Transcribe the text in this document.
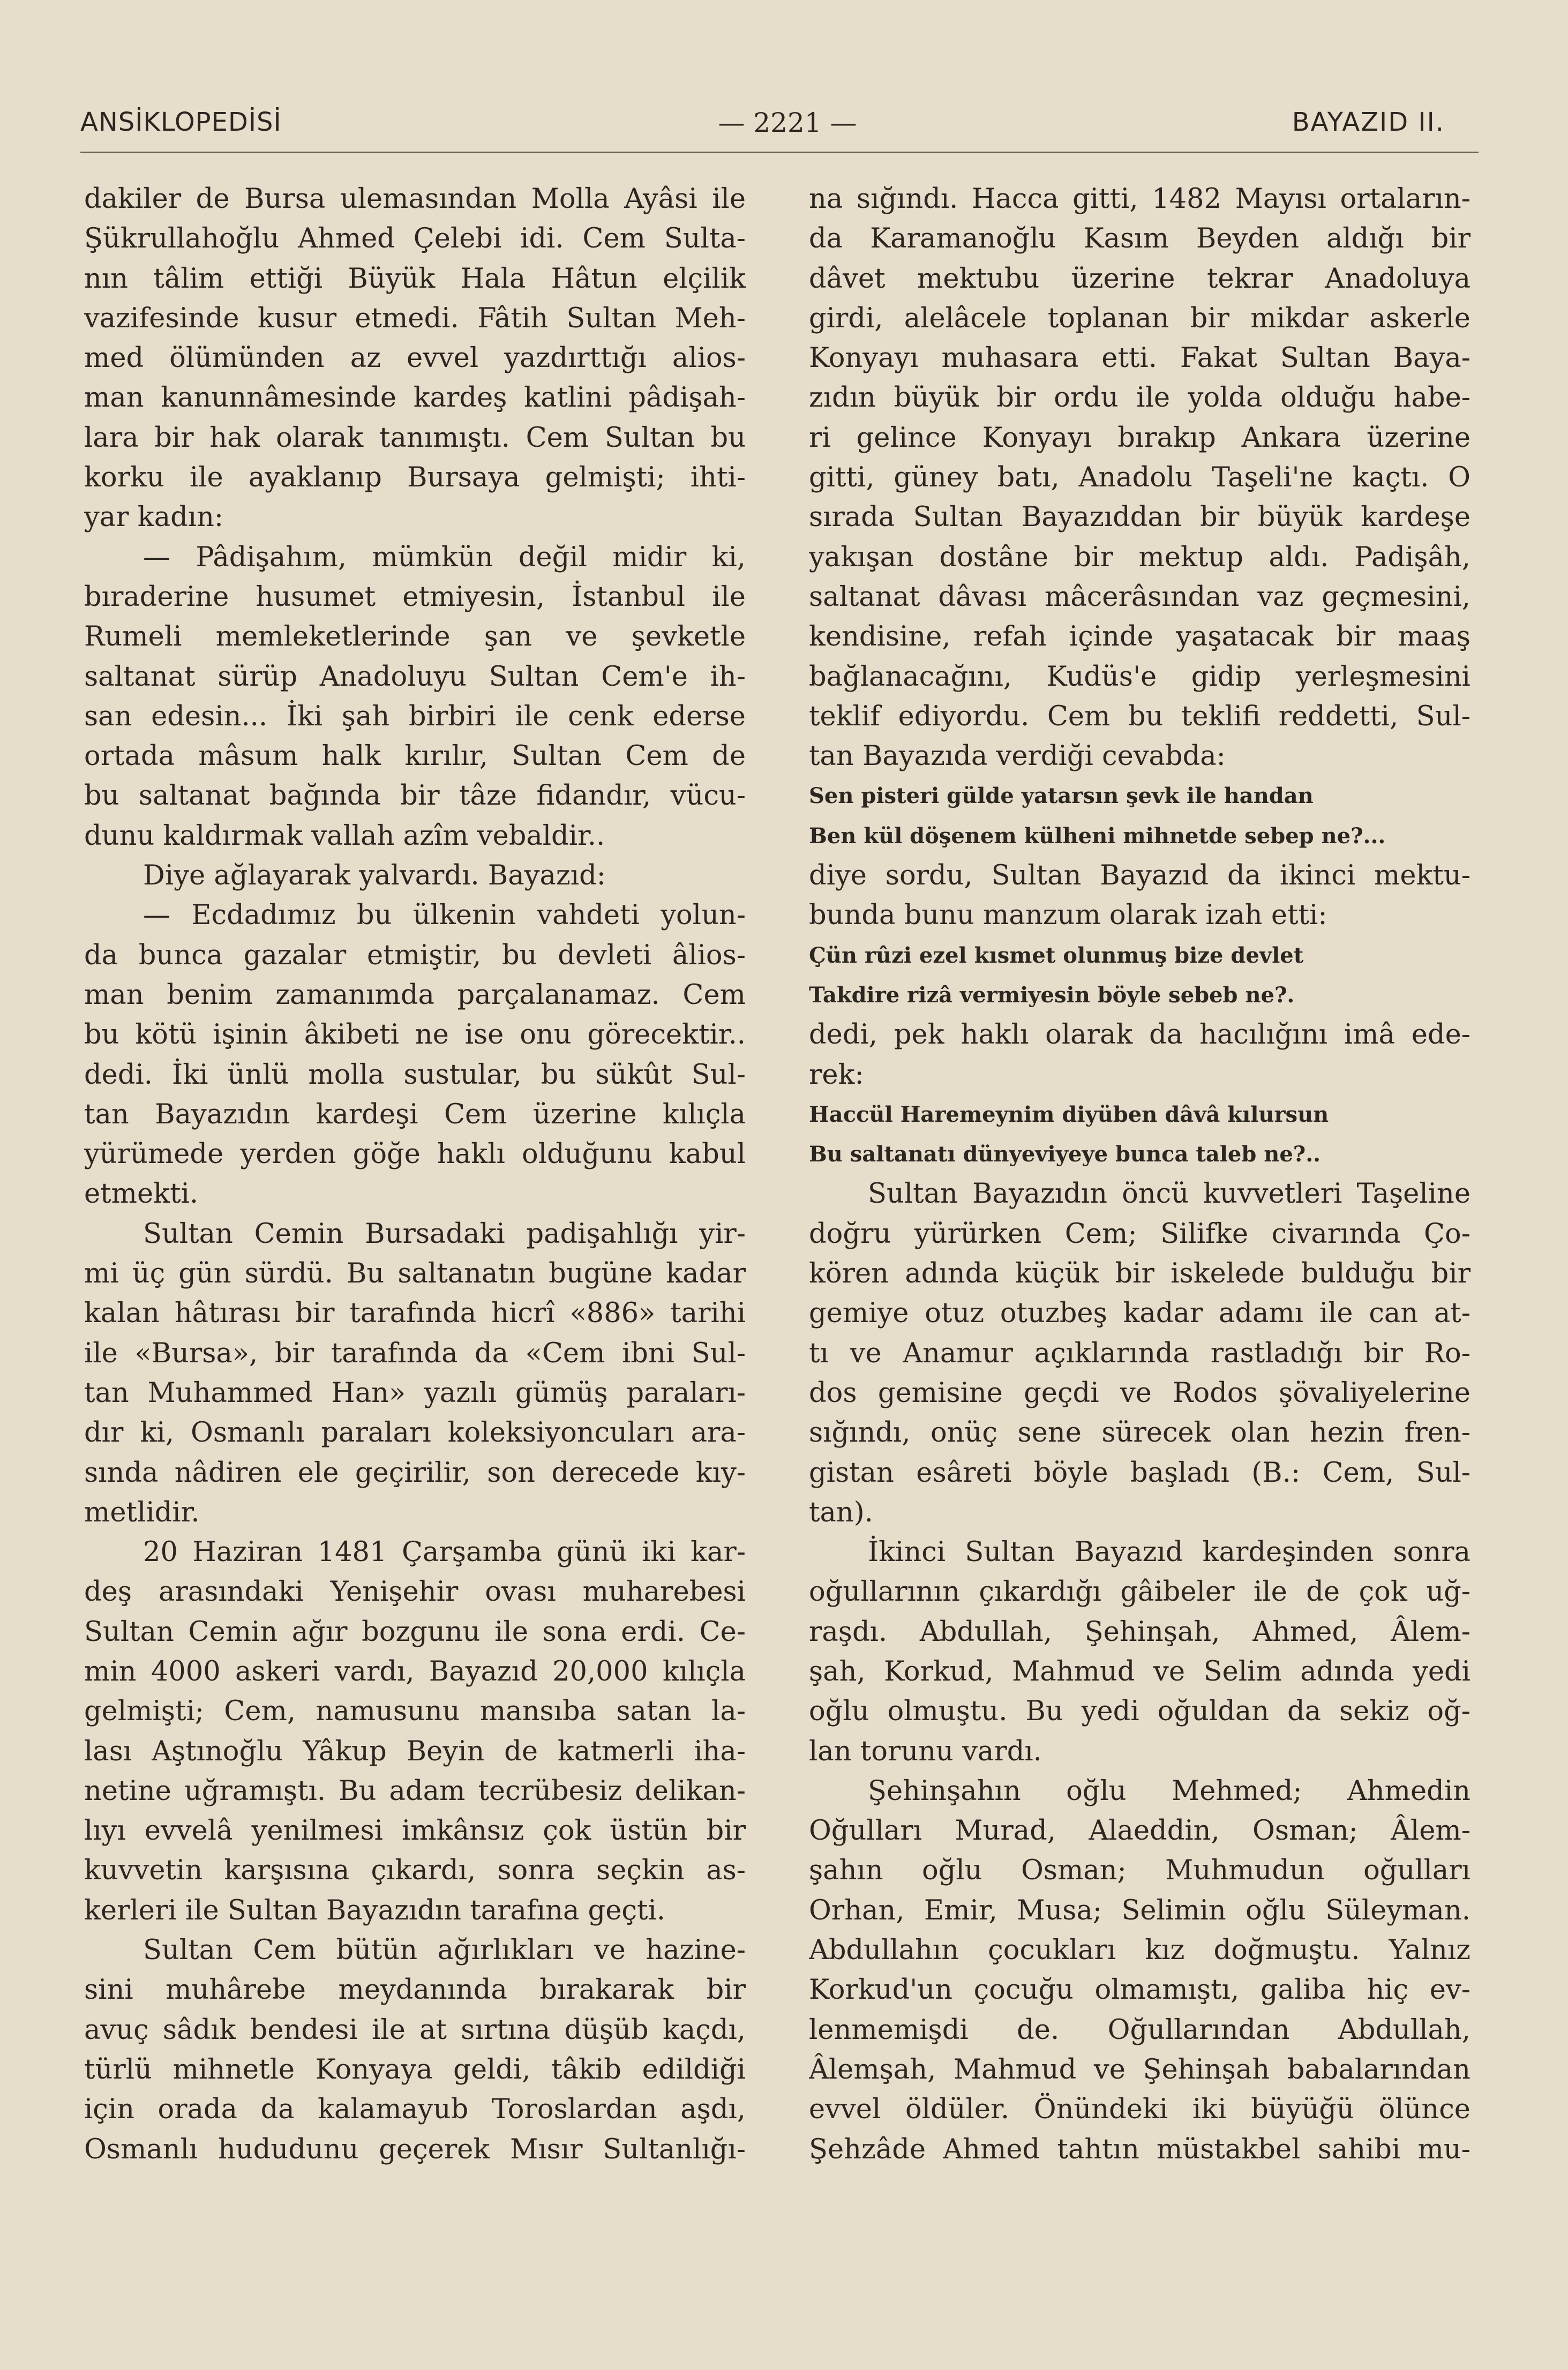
ANSİKLOPEDİSİ	— 2221 —	BAYAZID II.
dakiler de Bursa ulemasından Molla Ayâsi ile
Şükrullahoğlu Ahmed Çelebi idi. Cem Sulta-
nın tâlim ettiği Büyük Hala Hâtun elçilik
vazifesinde kusur etmedi. Fâtih Sultan Meh-
med ölümünden az evvel yazdırttığı alios-
man kanunnâmesinde kardeş katlini pâdişah-
lara bir hak olarak tanımıştı. Cem Sultan bu
korku ile ayaklanıp Bursaya gelmişti; ihti-
yar kadın:
— Pâdişahım, mümkün değil midir ki,
bıraderine husumet etmiyesin, İstanbul ile
Rumeli memleketlerinde şan ve şevketle
saltanat sürüp Anadoluyu Sultan Cem'e ih-
san edesin... İki şah birbiri ile cenk ederse
ortada mâsum halk kırılır, Sultan Cem de
bu saltanat bağında bir tâze fidandır, vücu-
dunu kaldırmak vallah azîm vebaldir..
Diye ağlayarak yalvardı. Bayazıd:
— Ecdadımız bu ülkenin vahdeti yolun-
da bunca gazalar etmiştir, bu devleti âlios-
man benim zamanımda parçalanamaz. Cem
bu kötü işinin âkibeti ne ise onu görecektir..
dedi. İki ünlü molla sustular, bu sükût Sul-
tan Bayazıdın kardeşi Cem üzerine kılıçla
yürümede yerden göğe haklı olduğunu kabul
etmekti.
Sultan Cemin Bursadaki padişahlığı yir-
mi üç gün sürdü. Bu saltanatın bugüne kadar
kalan hâtırası bir tarafında hicrî «886» tarihi
ile «Bursa», bir tarafında da «Cem ibni Sul-
tan Muhammed Han» yazılı gümüş paraları-
dır ki, Osmanlı paraları koleksiyoncuları ara-
sında nâdiren ele geçirilir, son derecede kıy-
metlidir.
20 Haziran 1481 Çarşamba günü iki kar-
deş arasındaki Yenişehir ovası muharebesi
Sultan Cemin ağır bozgunu ile sona erdi. Ce-
min 4000 askeri vardı, Bayazıd 20,000 kılıçla
gelmişti; Cem, namusunu mansıba satan la-
lası Aştınoğlu Yâkup Beyin de katmerli iha-
netine uğramıştı. Bu adam tecrübesiz delikan-
lıyı evvelâ yenilmesi imkânsız çok üstün bir
kuvvetin karşısına çıkardı, sonra seçkin as-
kerleri ile Sultan Bayazıdın tarafına geçti.
Sultan Cem bütün ağırlıkları ve hazine-
sini muhârebe meydanında bırakarak bir
avuç sâdık bendesi ile at sırtına düşüb kaçdı,
türlü mihnetle Konyaya geldi, tâkib edildiği
için orada da kalamayub Toroslardan aşdı,
Osmanlı hududunu geçerek Mısır Sultanlığı-
na sığındı. Hacca gitti, 1482 Mayısı ortaların-
da Karamanoğlu Kasım Beyden aldığı bir
dâvet mektubu üzerine tekrar Anadoluya
girdi, alelâcele toplanan bir mikdar askerle
Konyayı muhasara etti. Fakat Sultan Baya-
zıdın büyük bir ordu ile yolda olduğu habe-
ri gelince Konyayı bırakıp Ankara üzerine
gitti, güney batı, Anadolu Taşeli'ne kaçtı. O
sırada Sultan Bayazıddan bir büyük kardeşe
yakışan dostâne bir mektup aldı. Padişâh,
saltanat dâvası mâcerâsından vaz geçmesini,
kendisine, refah içinde yaşatacak bir maaş
bağlanacağını, Kudüs'e gidip yerleşmesini
teklif ediyordu. Cem bu teklifi reddetti, Sul-
tan Bayazıda verdiği cevabda:
Sen pisteri gülde yatarsın şevk ile handan
Ben kül döşenem külheni mihnetde sebep ne?...
diye sordu, Sultan Bayazıd da ikinci mektu-
bunda bunu manzum olarak izah etti:
Çün rûzi ezel kısmet olunmuş bize devlet
Takdire rizâ vermiyesin böyle sebeb ne?.
dedi, pek haklı olarak da hacılığını imâ ede-
rek:
Haccül Haremeynim diyüben dâvâ kılursun
Bu saltanatı dünyeviyeye bunca taleb ne?..
Sultan Bayazıdın öncü kuvvetleri Taşeline
doğru yürürken Cem; Silifke civarında Ço-
kören adında küçük bir iskelede bulduğu bir
gemiye otuz otuzbeş kadar adamı ile can at-
tı ve Anamur açıklarında rastladığı bir Ro-
dos gemisine geçdi ve Rodos şövaliyelerine
sığındı, onüç sene sürecek olan hezin fren-
gistan esâreti böyle başladı (B.: Cem, Sul-
tan).
İkinci Sultan Bayazıd kardeşinden sonra
oğullarının çıkardığı gâibeler ile de çok uğ-
raşdı. Abdullah, Şehinşah, Ahmed, Âlem-
şah, Korkud, Mahmud ve Selim adında yedi
oğlu olmuştu. Bu yedi oğuldan da sekiz oğ-
lan torunu vardı.
Şehinşahın oğlu Mehmed; Ahmedin
Oğulları Murad, Alaeddin, Osman; Âlem-
şahın oğlu Osman; Muhmudun oğulları
Orhan, Emir, Musa; Selimin oğlu Süleyman.
Abdullahın çocukları kız doğmuştu. Yalnız
Korkud'un çocuğu olmamıştı, galiba hiç ev-
lenmemişdi de. Oğullarından Abdullah,
Âlemşah, Mahmud ve Şehinşah babalarından
evvel öldüler. Önündeki iki büyüğü ölünce
Şehzâde Ahmed tahtın müstakbel sahibi mu-
